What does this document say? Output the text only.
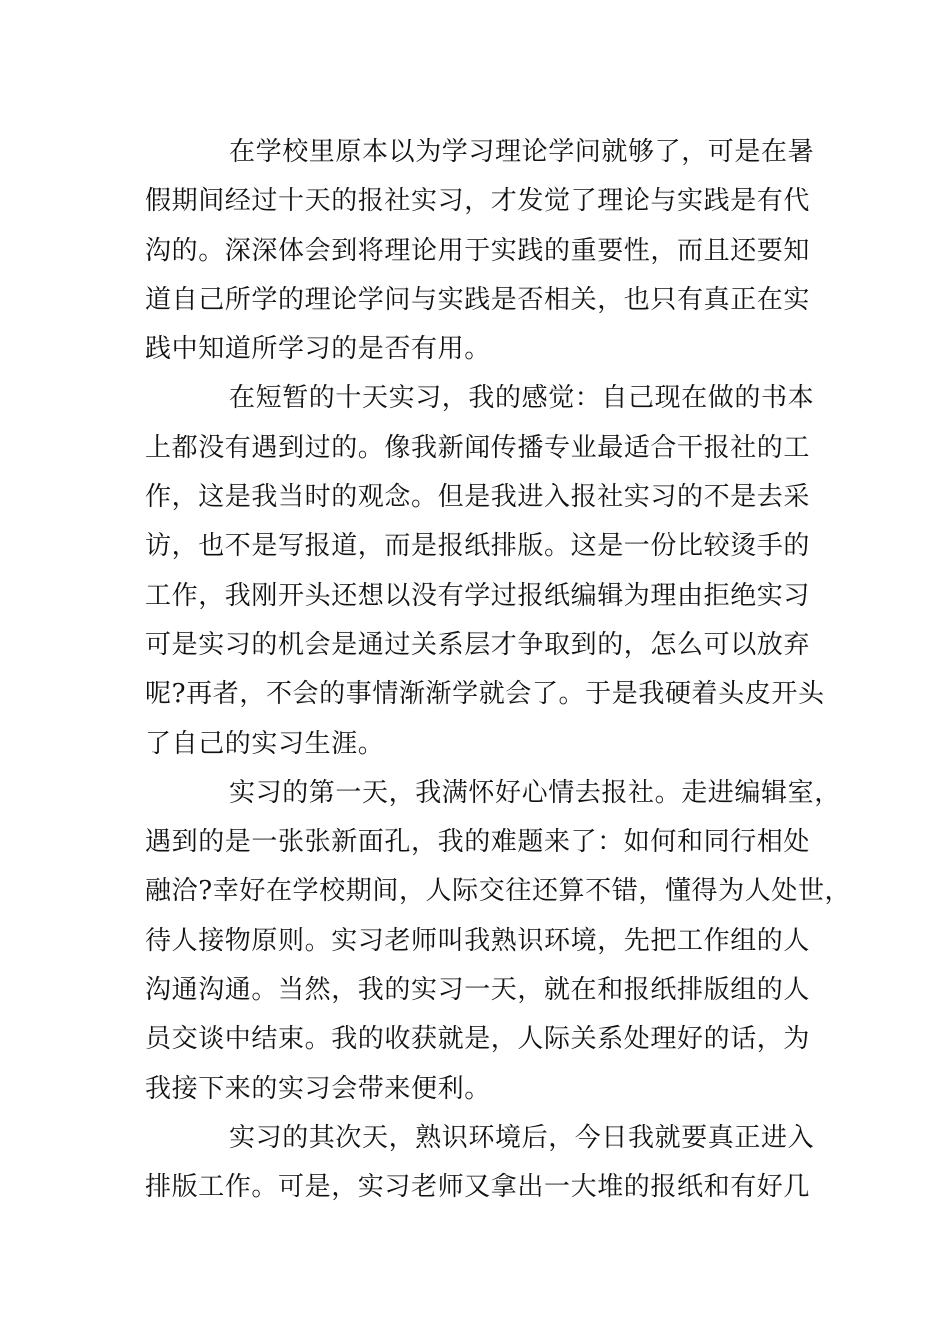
在学校里原本以为学习理论学问就够了，可是在暑
假期间经过十天的报社实习，才发觉了理论与实践是有代
沟的。深深体会到将理论用于实践的重要性，而且还要知
道自己所学的理论学问与实践是否相关，也只有真正在实
践中知道所学习的是否有用。
在短暂的十天实习，我的感觉：自己现在做的书本
上都没有遇到过的。像我新闻传播专业最适合干报社的工
作，这是我当时的观念。但是我进入报社实习的不是去采
访，也不是写报道，而是报纸排版。这是一份比较烫手的
工作，我刚开头还想以没有学过报纸编辑为理由拒绝实习
可是实习的机会是通过关系层才争取到的，怎么可以放弃
呢?再者，不会的事情渐渐学就会了。于是我硬着头皮开头
了自己的实习生涯。
实习的第一天，我满怀好心情去报社。走进编辑室，
遇到的是一张张新面孔，我的难题来了：如何和同行相处
融洽?幸好在学校期间，人际交往还算不错，懂得为人处世，
待人接物原则。实习老师叫我熟识环境，先把工作组的人
沟通沟通。当然，我的实习一天，就在和报纸排版组的人
员交谈中结束。我的收获就是，人际关系处理好的话，为
我接下来的实习会带来便利。
实习的其次天，熟识环境后，今日我就要真正进入
排版工作。可是，实习老师又拿出一大堆的报纸和有好几
